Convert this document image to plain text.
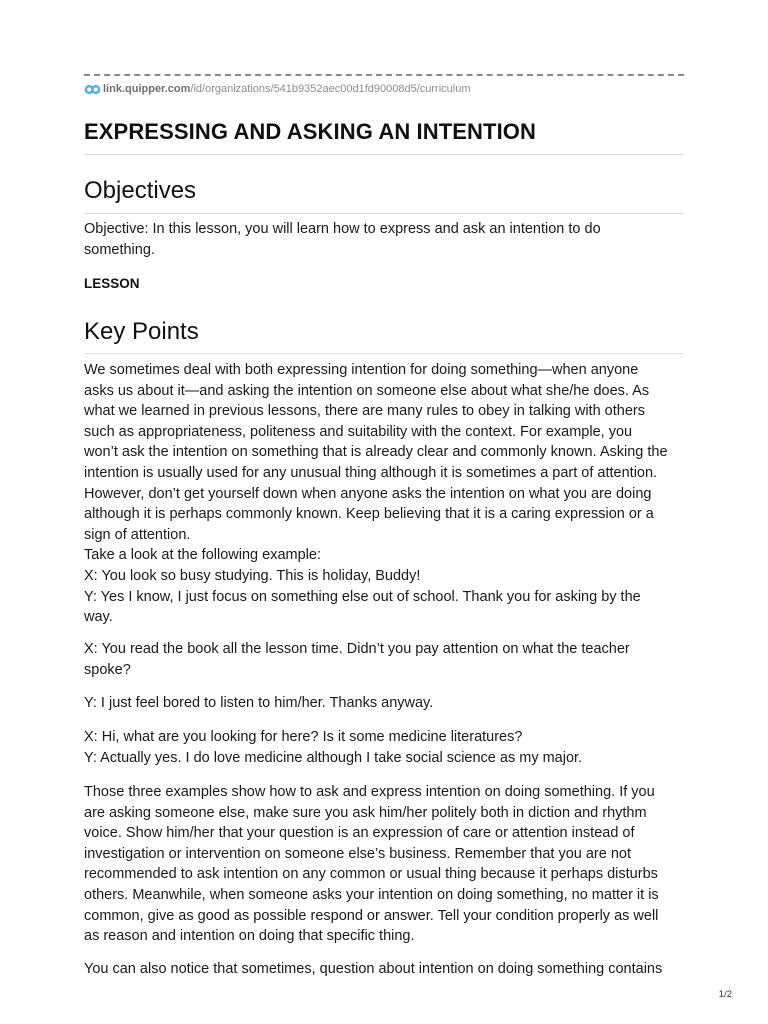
link.quipper.com /id/organizations/541b9352aec00d1fd90008d5/curriculum
EXPRESSING AND ASKING AN INTENTION
Objectives
Objective: In this lesson, you will learn how to express and ask an intention to do
something.

LESSON

Key Points
We sometimes deal with both expressing intention for doing something—when anyone
asks us about it—and asking the intention on someone else about what she/he does. As
what we learned in previous lessons, there are many rules to obey in talking with others
such as appropriateness, politeness and suitability with the context. For example, you
won’t ask the intention on something that is already clear and commonly known. Asking the
intention is usually used for any unusual thing although it is sometimes a part of attention.
However, don’t get yourself down when anyone asks the intention on what you are doing
although it is perhaps commonly known. Keep believing that it is a caring expression or a
sign of attention.
Take a look at the following example:
X: You look so busy studying. This is holiday, Buddy!
Y: Yes I know, I just focus on something else out of school. Thank you for asking by the
way.
X: You read the book all the lesson time. Didn’t you pay attention on what the teacher
spoke?
Y: I just feel bored to listen to him/her. Thanks anyway.
X: Hi, what are you looking for here? Is it some medicine literatures?
Y: Actually yes. I do love medicine although I take social science as my major.
Those three examples show how to ask and express intention on doing something. If you
are asking someone else, make sure you ask him/her politely both in diction and rhythm
voice. Show him/her that your question is an expression of care or attention instead of
investigation or intervention on someone else’s business. Remember that you are not
recommended to ask intention on any common or usual thing because it perhaps disturbs
others. Meanwhile, when someone asks your intention on doing something, no matter it is
common, give as good as possible respond or answer. Tell your condition properly as well
as reason and intention on doing that specific thing.
You can also notice that sometimes, question about intention on doing something contains
1/2
